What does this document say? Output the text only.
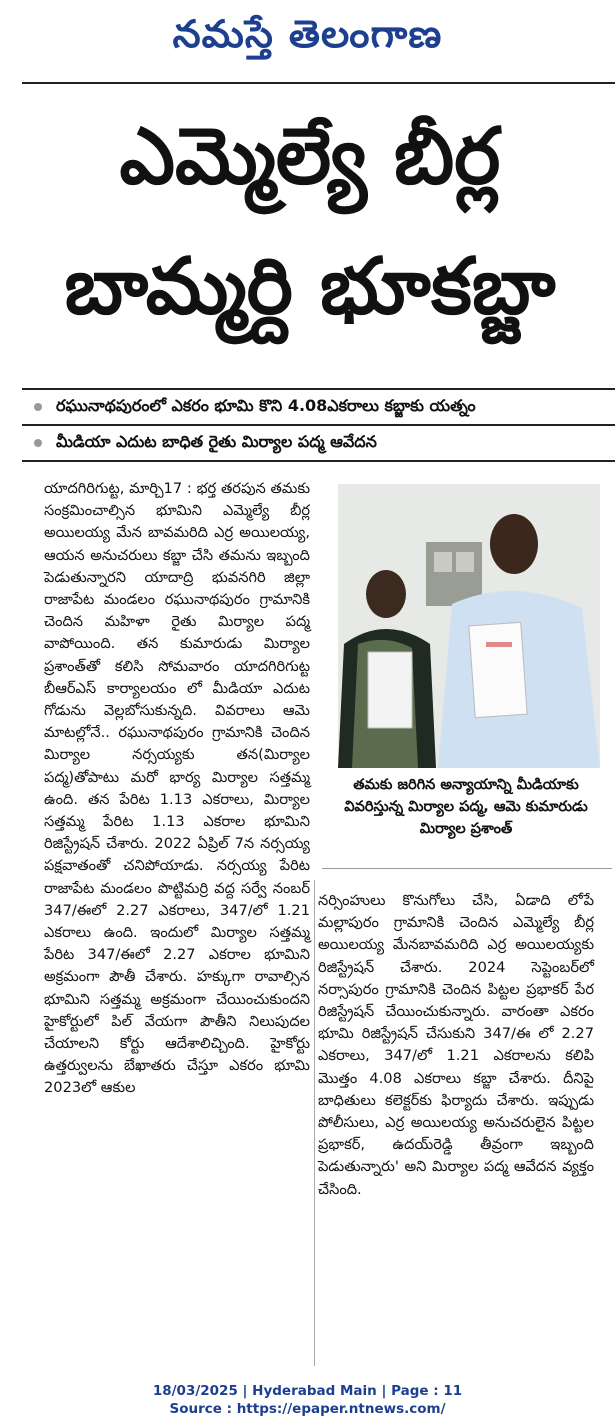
నమస్తే తెలంగాణ
ఎమ్మెల్యే బీర్ల
బామ్మర్ది భూకబ్జా
రఘునాథపురంలో ఎకరం భూమి కొని 4.08ఎకరాలు కబ్జాకు యత్నం
మీడియా ఎదుట బాధిత రైతు మిర్యాల పద్మ ఆవేదన

యాదగిరిగుట్ట, మార్చి17 : భర్త తరపున తమకు సంక్రమించాల్సిన భూమిని ఎమ్మెల్యే బీర్ల అయిలయ్య మేన బావమరిది ఎర్ర అయిలయ్య, ఆయన అనుచరులు కబ్జా చేసి తమను ఇబ్బంది పెడుతున్నారని యాదాద్రి భువనగిరి జిల్లా రాజాపేట మండలం రఘునాథపురం గ్రామానికి చెందిన మహిళా రైతు మిర్యాల పద్మ వాపోయింది. తన కుమారుడు మిర్యాల ప్రశాంత్‌తో కలిసి సోమవారం యాదగిరిగుట్ట బీఆర్‌ఎస్ కార్యాలయం లో మీడియా ఎదుట గోడును వెల్లబోసుకున్నది. వివరాలు ఆమె మాటల్లోనే.. రఘునాథపురం గ్రామానికి చెందిన మిర్యాల నర్సయ్యకు తన(మిర్యాల పద్మ)తోపాటు మరో భార్య మిర్యాల సత్తమ్మ ఉంది. తన పేరిట 1.13 ఎకరాలు, మిర్యాల సత్తమ్మ పేరిట 1.13 ఎకరాల భూమిని రిజిస్ట్రేషన్ చేశారు. 2022 ఏప్రిల్ 7న నర్సయ్య పక్షవాతంతో చనిపోయాడు. నర్సయ్య పేరిట రాజాపేట మండలం పొట్టిమర్రి వద్ద సర్వే నంబర్ 347/ఈలో 2.27 ఎకరాలు, 347/లో 1.21 ఎకరాలు ఉంది. ఇందులో మిర్యాల సత్తమ్మ పేరిట 347/ఈలో 2.27 ఎకరాల భూమిని అక్రమంగా పౌతీ చేశారు. హక్కుగా రావాల్సిన భూమిని సత్తమ్మ అక్రమంగా చేయించుకుందని హైకోర్టులో పిల్ వేయగా పౌతీని నిలుపుదల చేయాలని కోర్టు ఆదేశాలిచ్చింది. హైకోర్టు ఉత్తర్వులను బేఖాతరు చేస్తూ ఎకరం భూమి 2023లో ఆకుల

తమకు జరిగిన అన్యాయాన్ని మీడియాకు వివరిస్తున్న మిర్యాల పద్మ, ఆమె కుమారుడు మిర్యాల ప్రశాంత్

నర్సింహులు కొనుగోలు చేసి, ఏడాది లోపే మల్లాపురం గ్రామానికి చెందిన ఎమ్మెల్యే బీర్ల అయిలయ్య మేనబావమరిది ఎర్ర అయిలయ్యకు రిజిస్ట్రేషన్ చేశారు. 2024 సెప్టెంబర్‌లో నర్సాపురం గ్రామానికి చెందిన పిట్టల ప్రభాకర్ పేర రిజిస్ట్రేషన్ చేయించుకున్నారు. వారంతా ఎకరం భూమి రిజిస్ట్రేషన్ చేసుకుని 347/ఈ లో 2.27 ఎకరాలు, 347/లో 1.21 ఎకరాలను కలిపి మొత్తం 4.08 ఎకరాలు కబ్జా చేశారు. దీనిపై బాధితులు కలెక్టర్‌కు ఫిర్యాదు చేశారు. ఇప్పుడు పోలీసులు, ఎర్ర అయిలయ్య అనుచరులైన పిట్టల ప్రభాకర్, ఉదయ్‌రెడ్డి తీవ్రంగా ఇబ్బంది పెడుతున్నారు' అని మిర్యాల పద్మ ఆవేదన వ్యక్తం చేసింది.

18/03/2025 | Hyderabad Main | Page : 11
Source : https://epaper.ntnews.com/
